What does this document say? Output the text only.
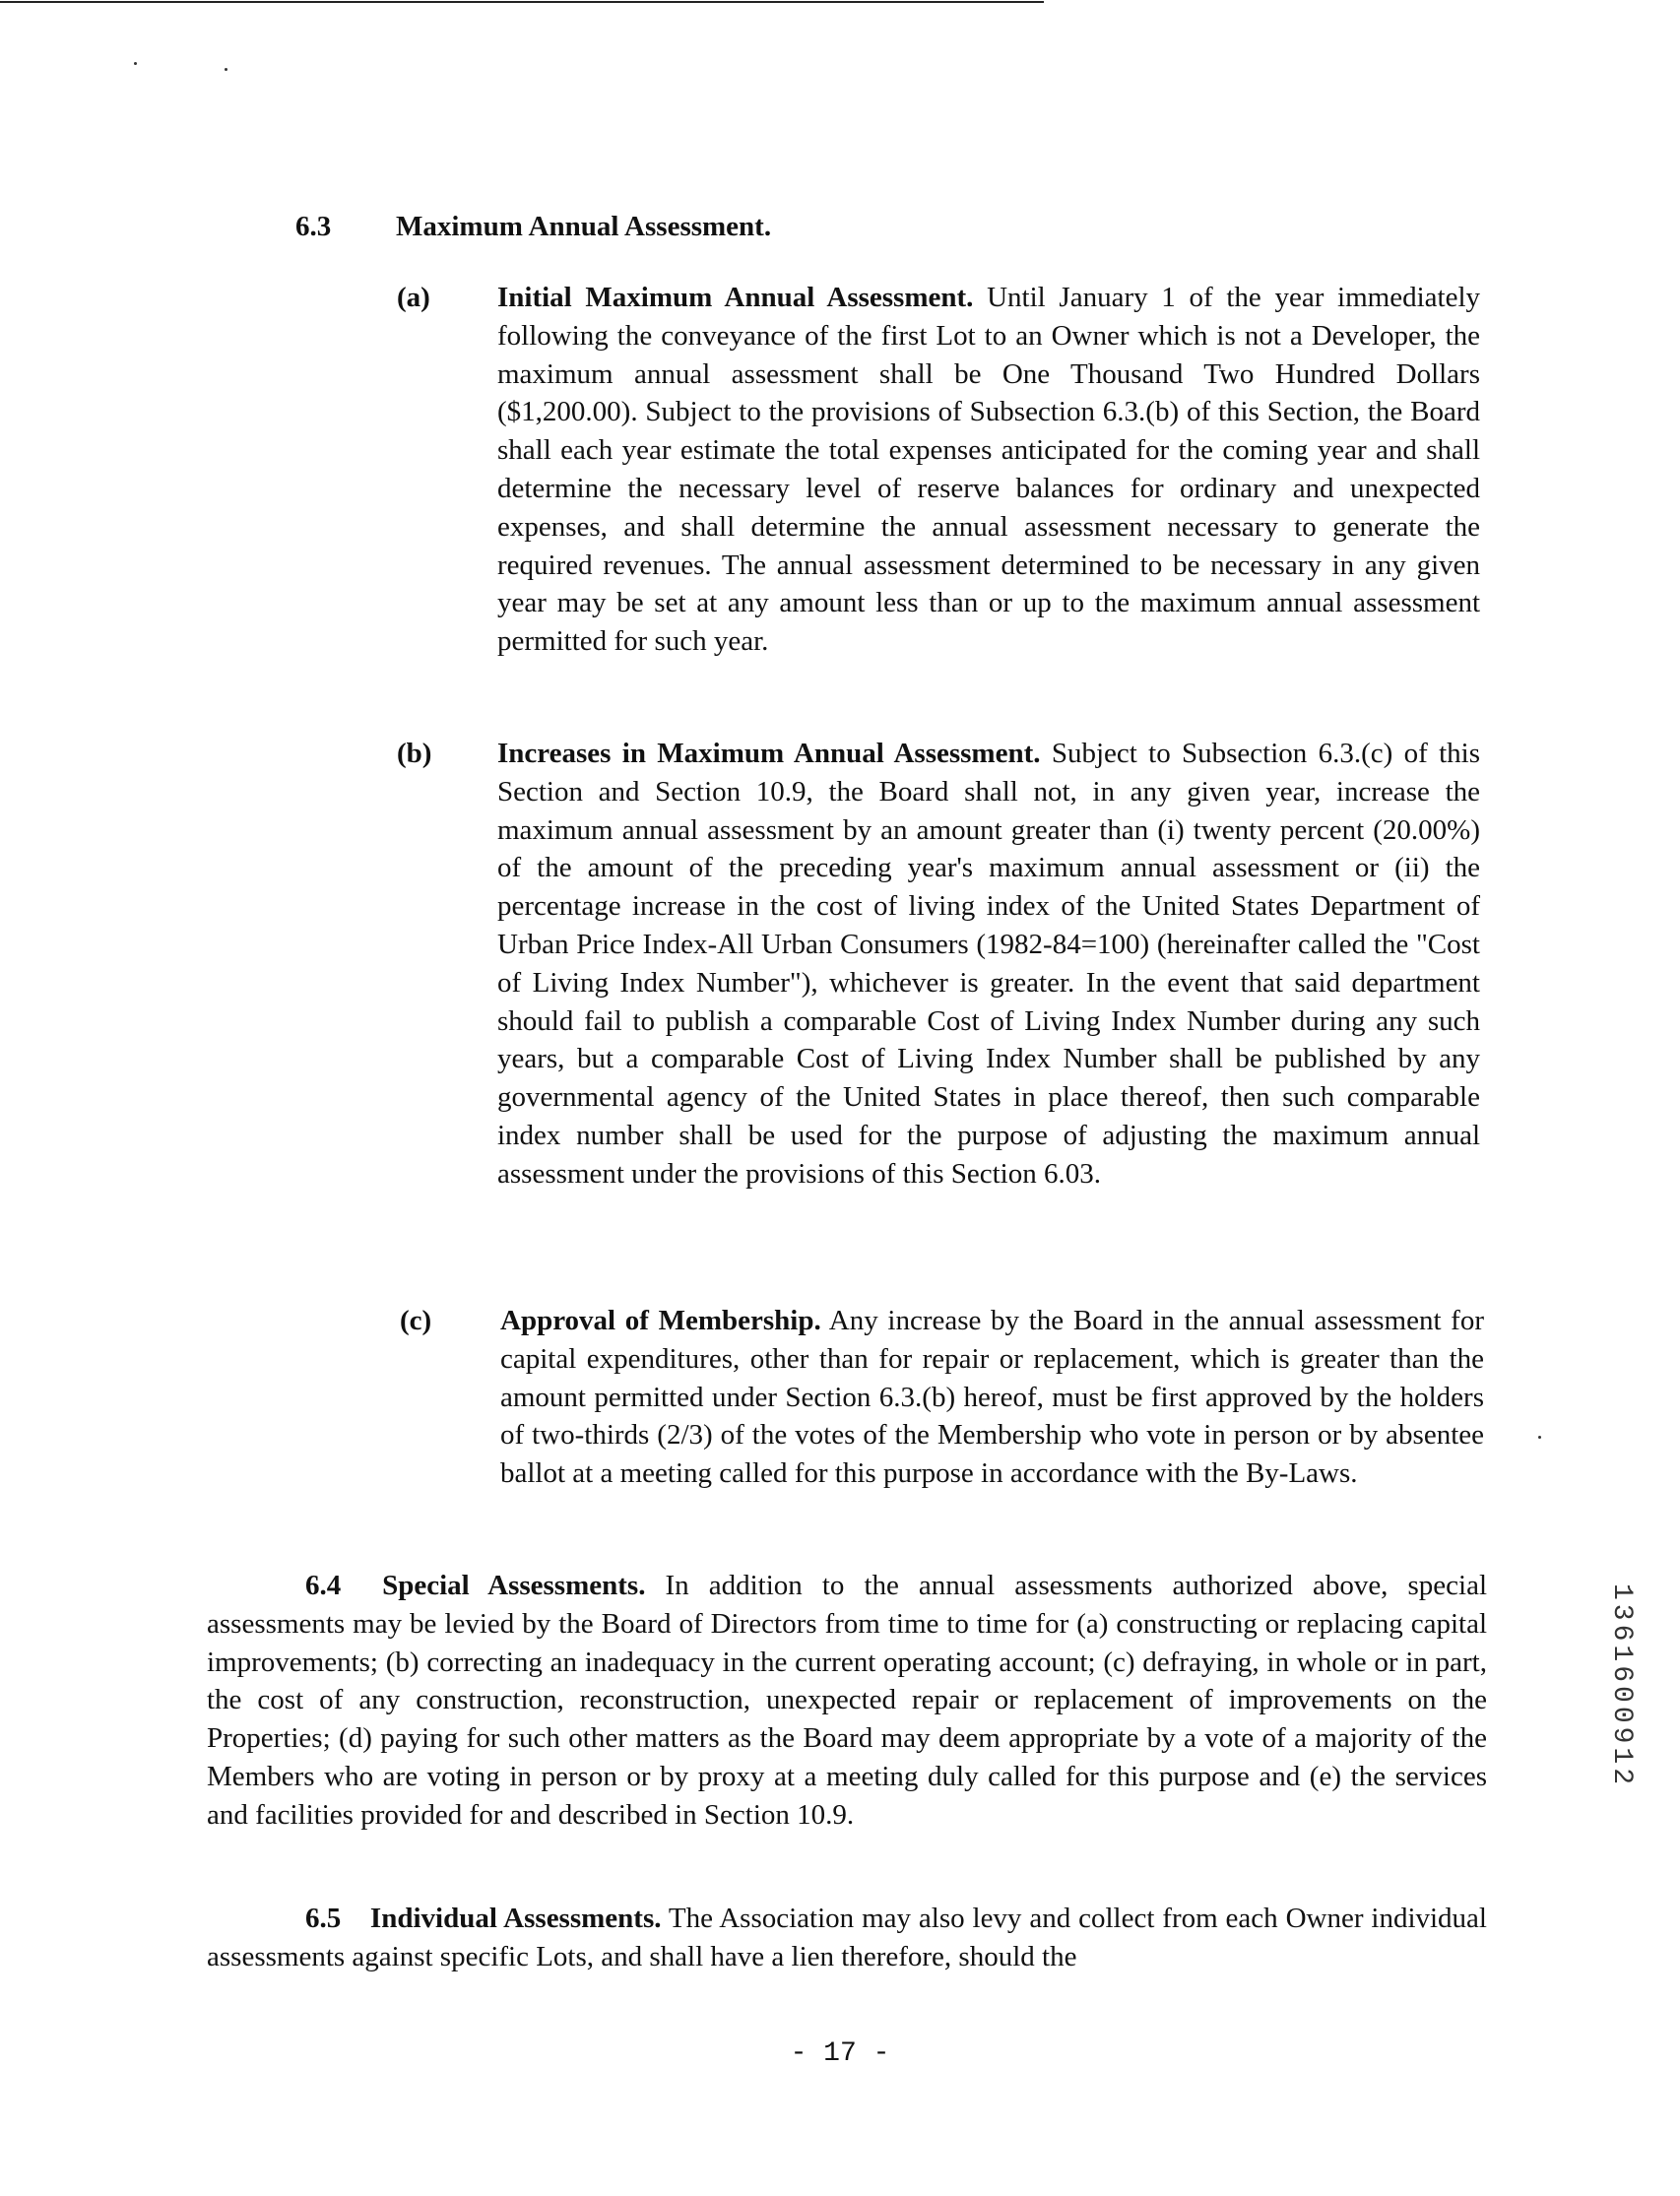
6.3 Maximum Annual Assessment.
(a) Initial Maximum Annual Assessment. Until January 1 of the year immediately following the conveyance of the first Lot to an Owner which is not a Developer, the maximum annual assessment shall be One Thousand Two Hundred Dollars ($1,200.00). Subject to the provisions of Subsection 6.3.(b) of this Section, the Board shall each year estimate the total expenses anticipated for the coming year and shall determine the necessary level of reserve balances for ordinary and unexpected expenses, and shall determine the annual assessment necessary to generate the required revenues. The annual assessment determined to be necessary in any given year may be set at any amount less than or up to the maximum annual assessment permitted for such year.
(b) Increases in Maximum Annual Assessment. Subject to Subsection 6.3.(c) of this Section and Section 10.9, the Board shall not, in any given year, increase the maximum annual assessment by an amount greater than (i) twenty percent (20.00%) of the amount of the preceding year's maximum annual assessment or (ii) the percentage increase in the cost of living index of the United States Department of Urban Price Index-All Urban Consumers (1982-84=100) (hereinafter called the "Cost of Living Index Number"), whichever is greater. In the event that said department should fail to publish a comparable Cost of Living Index Number during any such years, but a comparable Cost of Living Index Number shall be published by any governmental agency of the United States in place thereof, then such comparable index number shall be used for the purpose of adjusting the maximum annual assessment under the provisions of this Section 6.03.
(c) Approval of Membership. Any increase by the Board in the annual assessment for capital expenditures, other than for repair or replacement, which is greater than the amount permitted under Section 6.3.(b) hereof, must be first approved by the holders of two-thirds (2/3) of the votes of the Membership who vote in person or by absentee ballot at a meeting called for this purpose in accordance with the By-Laws.
6.4 Special Assessments. In addition to the annual assessments authorized above, special assessments may be levied by the Board of Directors from time to time for (a) constructing or replacing capital improvements; (b) correcting an inadequacy in the current operating account; (c) defraying, in whole or in part, the cost of any construction, reconstruction, unexpected repair or replacement of improvements on the Properties; (d) paying for such other matters as the Board may deem appropriate by a vote of a majority of the Members who are voting in person or by proxy at a meeting duly called for this purpose and (e) the services and facilities provided for and described in Section 10.9.
6.5 Individual Assessments. The Association may also levy and collect from each Owner individual assessments against specific Lots, and shall have a lien therefore, should the
1361600912
- 17 -
